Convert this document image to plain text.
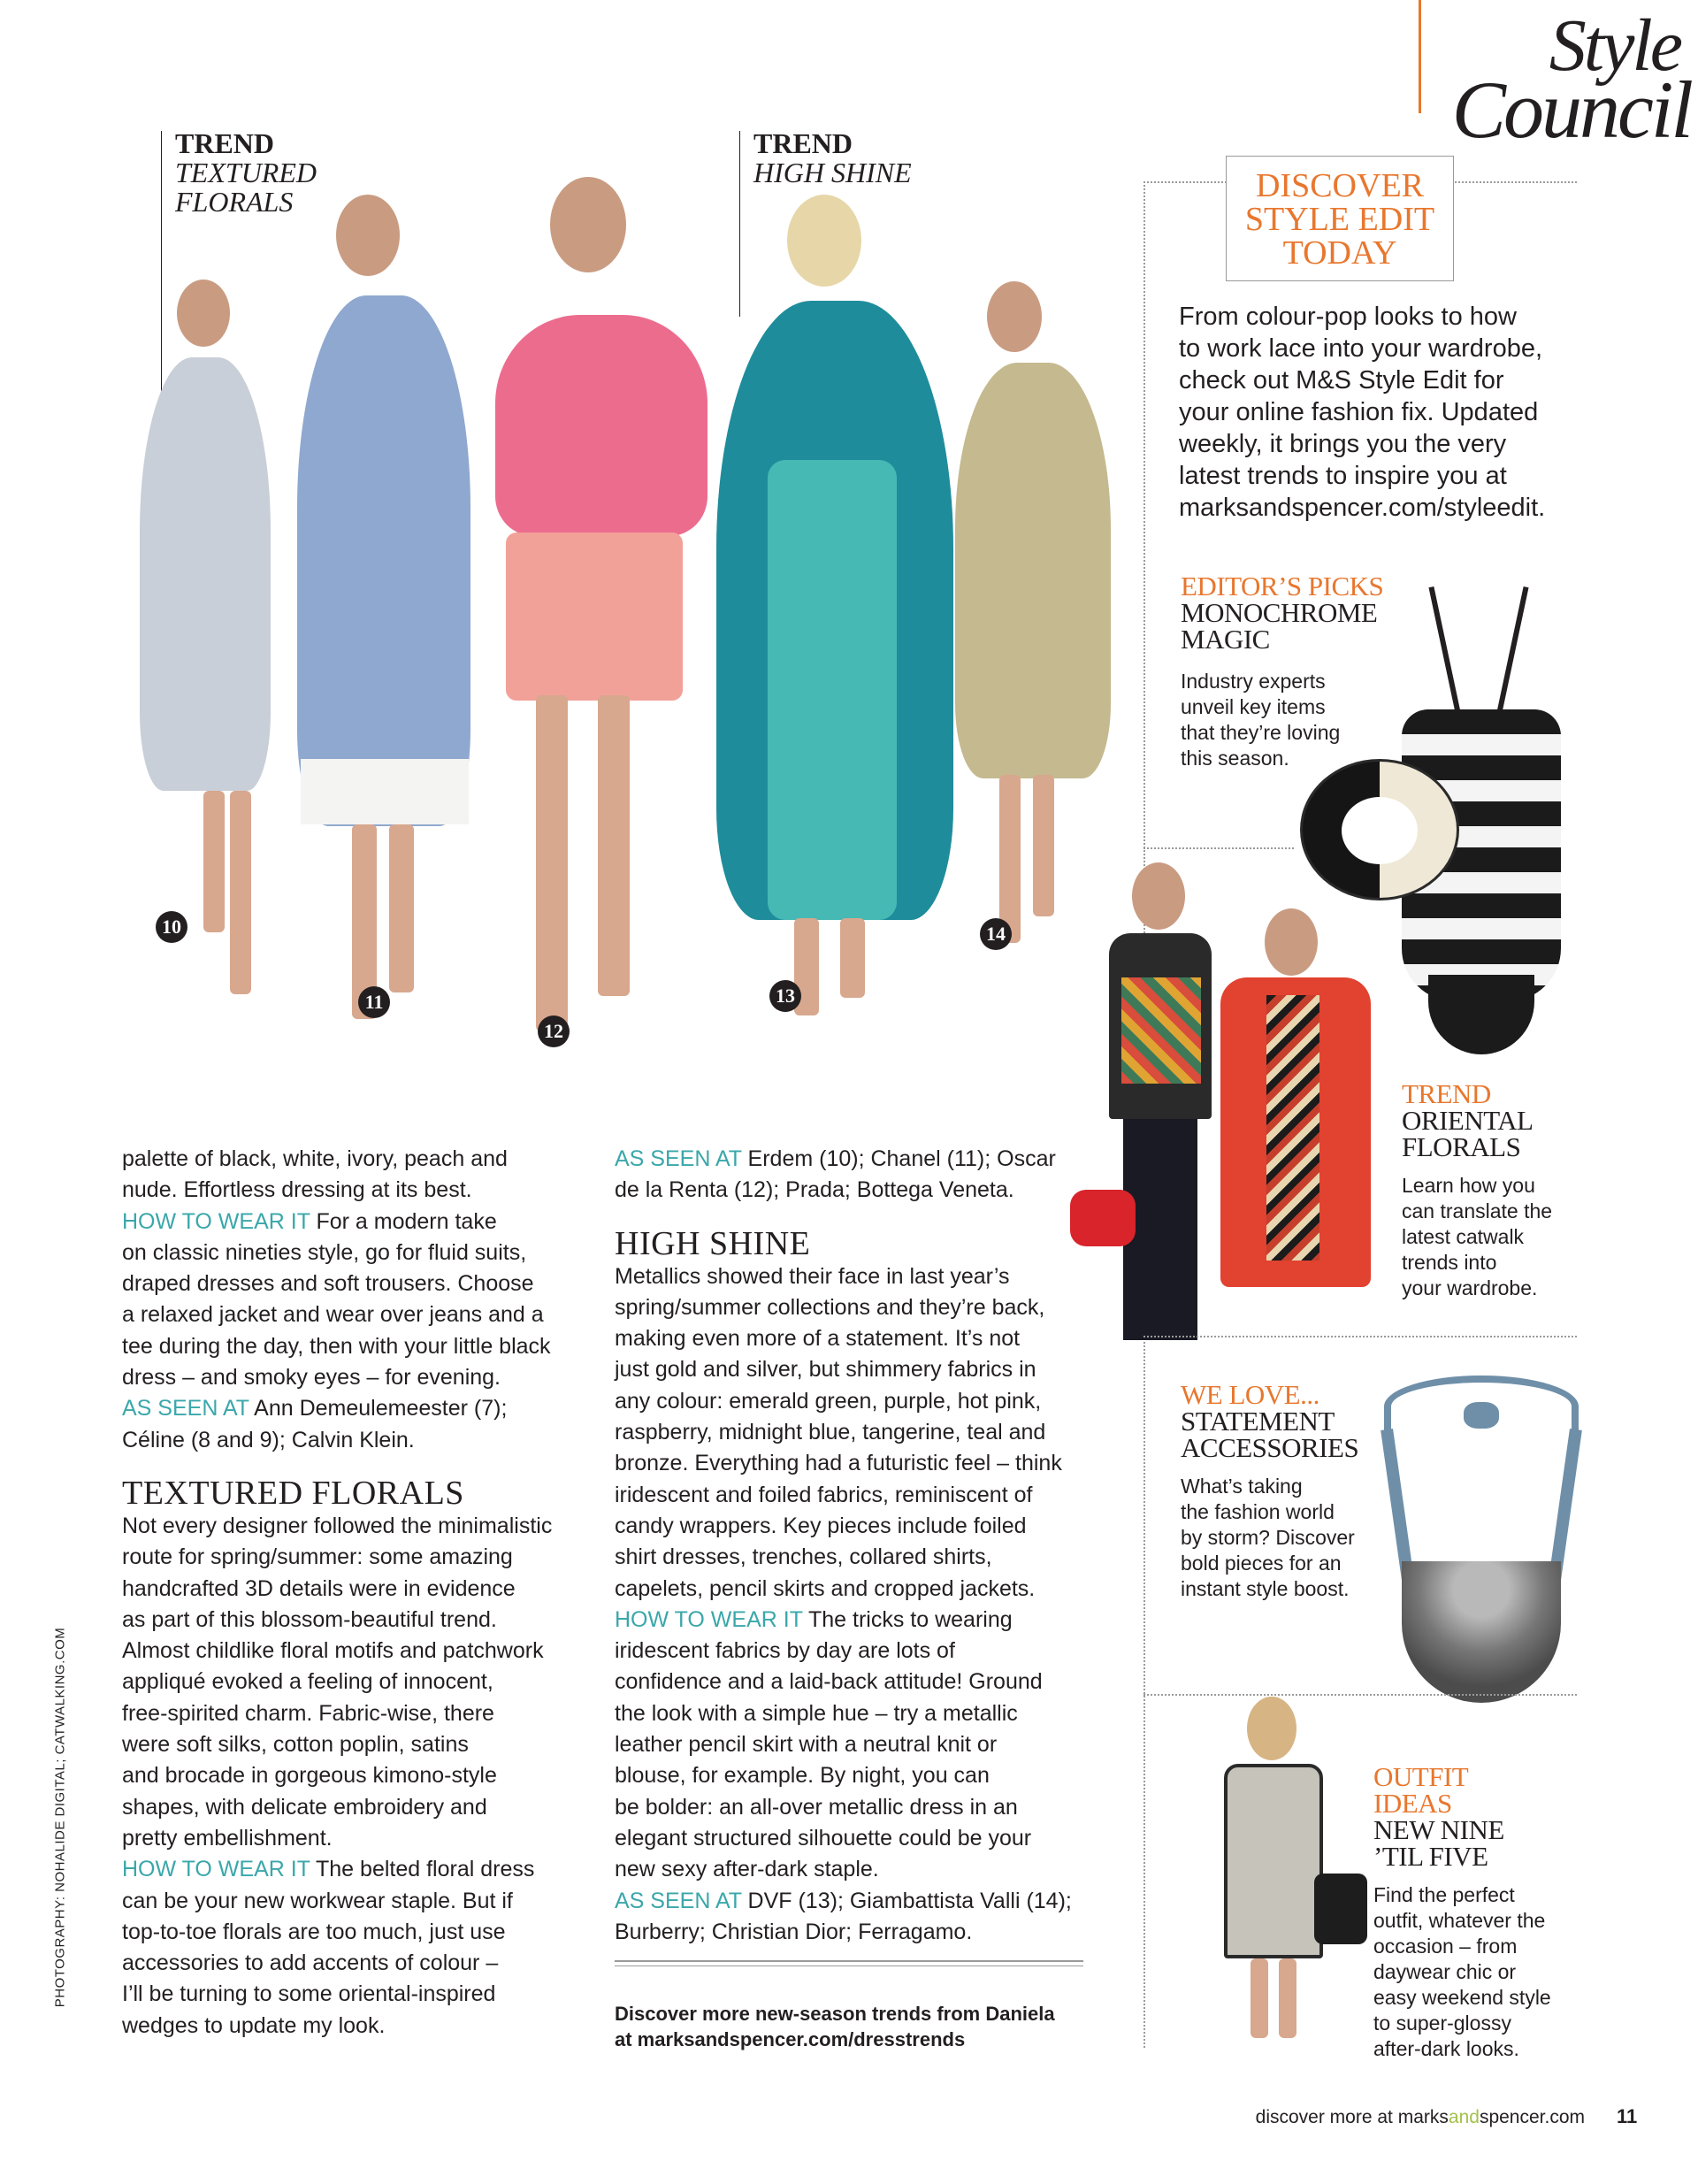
Style
Council
TREND
TEXTURED
FLORALS
TREND
HIGH SHINE
10
11
12
13
14

palette of black, white, ivory, peach and

nude. Effortless dressing at its best.

HOW TO WEAR IT For a modern take

on classic nineties style, go for fluid suits,

draped dresses and soft trousers. Choose

a relaxed jacket and wear over jeans and a

tee during the day, then with your little black

dress – and smoky eyes – for evening.

AS SEEN AT Ann Demeulemeester (7);

Céline (8 and 9); Calvin Klein.

TEXTURED FLORALS

Not every designer followed the minimalistic

route for spring/summer: some amazing

handcrafted 3D details were in evidence

as part of this blossom-beautiful trend.

Almost childlike floral motifs and patchwork

appliqué evoked a feeling of innocent,

free-spirited charm. Fabric-wise, there

were soft silks, cotton poplin, satins

and brocade in gorgeous kimono-style

shapes, with delicate embroidery and

pretty embellishment.

HOW TO WEAR IT The belted floral dress

can be your new workwear staple. But if

top-to-toe florals are too much, just use

accessories to add accents of colour –

I’ll be turning to some oriental-inspired

wedges to update my look.

AS SEEN AT Erdem (10); Chanel (11); Oscar

de la Renta (12); Prada; Bottega Veneta.

HIGH SHINE

Metallics showed their face in last year’s

spring/summer collections and they’re back,

making even more of a statement. It’s not

just gold and silver, but shimmery fabrics in

any colour: emerald green, purple, hot pink,

raspberry, midnight blue, tangerine, teal and

bronze. Everything had a futuristic feel – think

iridescent and foiled fabrics, reminiscent of

candy wrappers. Key pieces include foiled

shirt dresses, trenches, collared shirts,

capelets, pencil skirts and cropped jackets.

HOW TO WEAR IT The tricks to wearing

iridescent fabrics by day are lots of

confidence and a laid-back attitude! Ground

the look with a simple hue – try a metallic

leather pencil skirt with a neutral knit or

blouse, for example. By night, you can

be bolder: an all-over metallic dress in an

elegant structured silhouette could be your

new sexy after-dark staple.

AS SEEN AT DVF (13); Giambattista Valli (14);

Burberry; Christian Dior; Ferragamo.

Discover more new-season trends from Daniela
at marksandspencer.com/dresstrends
DISCOVER
STYLE EDIT
TODAY
From colour-pop looks to how
to work lace into your wardrobe,
check out M&S Style Edit for
your online fashion fix. Updated
weekly, it brings you the very
latest trends to inspire you at
marksandspencer.com/styleedit.
EDITOR’S PICKS
MONOCHROME
MAGIC
Industry experts
unveil key items
that they’re loving
this season.
TREND
ORIENTAL
FLORALS
Learn how you
can translate the
latest catwalk
trends into
your wardrobe.
WE LOVE...
STATEMENT
ACCESSORIES
What’s taking
the fashion world
by storm? Discover
bold pieces for an
instant style boost.
OUTFIT
IDEAS
NEW NINE
’TIL FIVE
Find the perfect
outfit, whatever the
occasion – from
daywear chic or
easy weekend style
to super-glossy
after-dark looks.
PHOTOGRAPHY: NOHALIDE DIGITAL; CATWALKING.COM
discover more at marksandspencer.com 11
